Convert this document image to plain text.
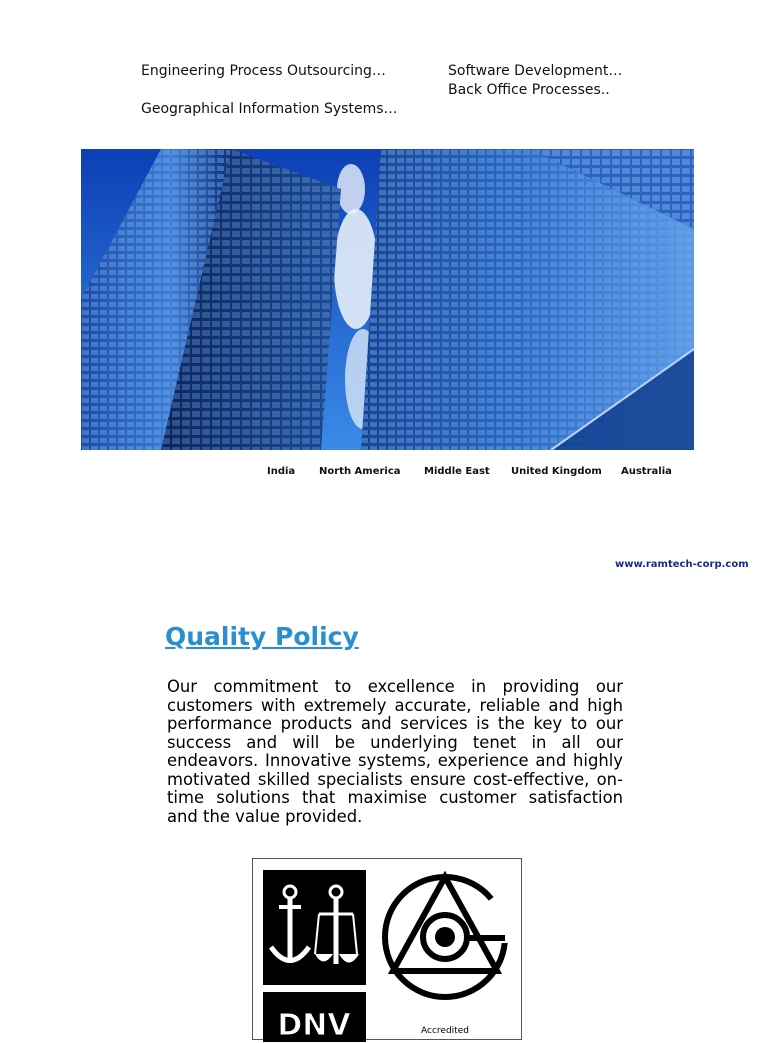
Engineering Process Outsourcing…	Software Development…
Back Office Processes..
Geographical Information Systems…
India North America Middle East United Kingdom Australia
www.ramtech-corp.com
Quality Policy

Our commitment to excellence in providing our customers with extremely accurate, reliable and high performance products and services is the key to our success and will be underlying tenet in all our endeavors. Innovative systems, experience and highly motivated skilled specialists ensure cost-effective, on-time solutions that maximise customer satisfaction and the value provided.

DNV	Accredited
